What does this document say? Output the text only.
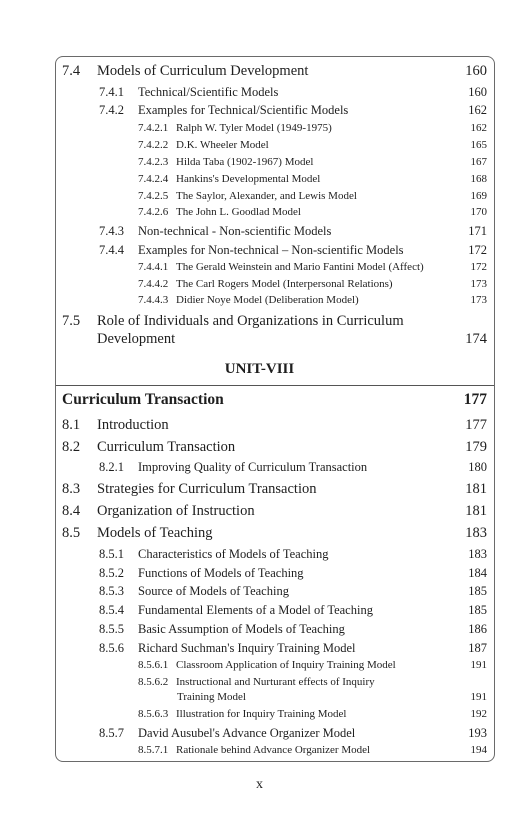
UNIT-VIII
Curriculum Transaction	177
7.4 Models of Curriculum Development	160
7.4.1 Technical/Scientific Models	160
7.4.2 Examples for Technical/Scientific Models	162
7.4.2.1 Ralph W. Tyler Model (1949-1975)	162
7.4.2.2 D.K. Wheeler Model	165
7.4.2.3 Hilda Taba (1902-1967) Model	167
7.4.2.4 Hankins's Developmental Model	168
7.4.2.5 The Saylor, Alexander, and Lewis Model	169
7.4.2.6 The John L. Goodlad Model	170
7.4.3 Non-technical - Non-scientific Models	171
7.4.4 Examples for Non-technical – Non-scientific Models	172
7.4.4.1 The Gerald Weinstein and Mario Fantini Model (Affect)	172
7.4.4.2 The Carl Rogers Model (Interpersonal Relations)	173
7.4.4.3 Didier Noye Model (Deliberation Model)	173
7.5 Role of Individuals and Organizations in Curriculum
Development	174
8.1 Introduction	177
8.2 Curriculum Transaction	179
8.2.1 Improving Quality of Curriculum Transaction	180
8.3 Strategies for Curriculum Transaction	181
8.4 Organization of Instruction	181
8.5 Models of Teaching	183
8.5.1 Characteristics of Models of Teaching	183
8.5.2 Functions of Models of Teaching	184
8.5.3 Source of Models of Teaching	185
8.5.4 Fundamental Elements of a Model of Teaching	185
8.5.5 Basic Assumption of Models of Teaching	186
8.5.6 Richard Suchman's Inquiry Training Model	187
8.5.6.1 Classroom Application of Inquiry Training Model	191
8.5.6.2 Instructional and Nurturant effects of Inquiry
Training Model	191
8.5.6.3 Illustration for Inquiry Training Model	192
8.5.7 David Ausubel's Advance Organizer Model	193
8.5.7.1 Rationale behind Advance Organizer Model	194
x
